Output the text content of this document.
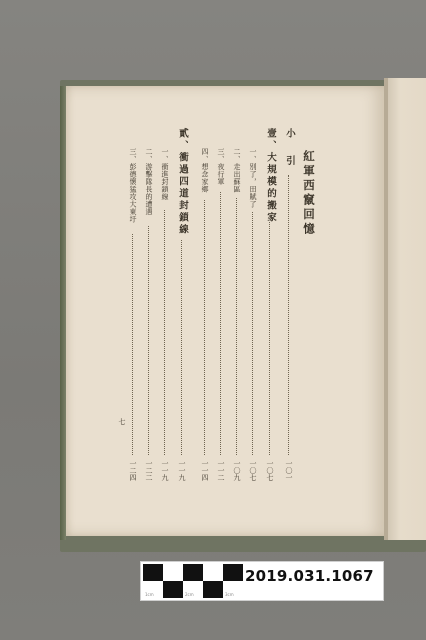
紅軍西竄回憶
小引
一〇一
壹、大規模的搬家
一〇七
一、別了，田賦了
一〇七
二、走出蘇區
一〇九
三、夜行軍
一一二
四、想念家鄉
一一四
貳、衝過四道封鎖線
一一九
一、衝進封鎖線
一一九
二、游擊隊長的遭遇
一二二
三、彭德懷猛攻大東圩
一二四
七
1cm	2cm	3cm
2019.031.1067
